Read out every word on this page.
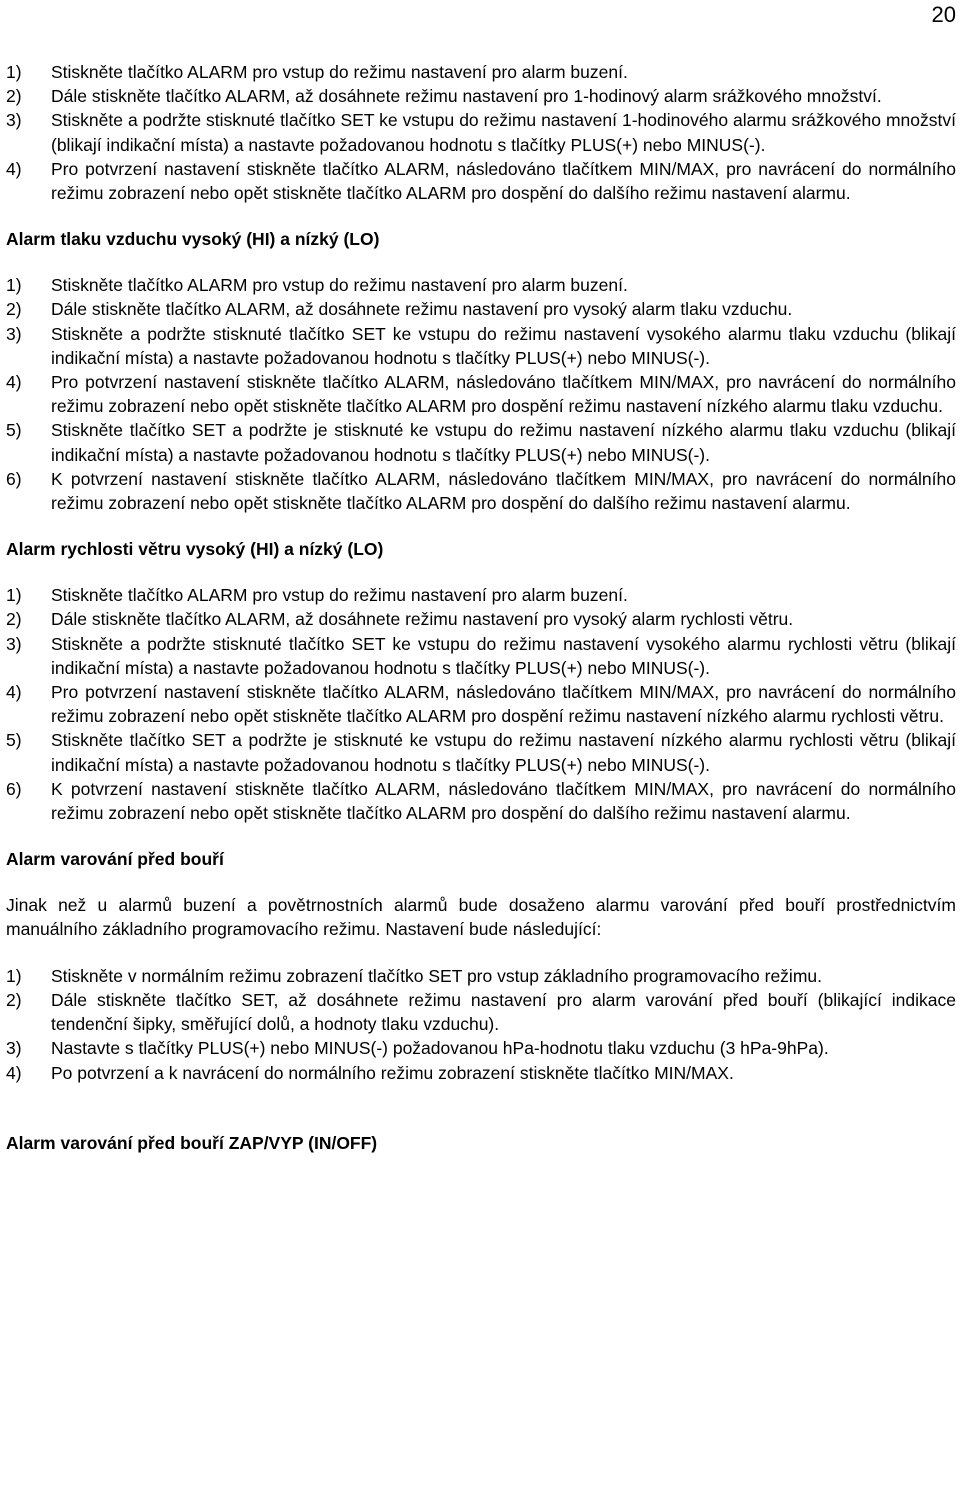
20
1) Stiskněte tlačítko ALARM pro vstup do režimu nastavení pro alarm buzení.
2) Dále stiskněte tlačítko ALARM, až dosáhnete režimu nastavení pro 1-hodinový alarm srážkového množství.
3) Stiskněte a podržte stisknuté tlačítko SET ke vstupu do režimu nastavení 1-hodinového alarmu srážkového množství (blikají indikační místa) a nastavte požadovanou hodnotu s tlačítky PLUS(+) nebo MINUS(-).
4) Pro potvrzení nastavení stiskněte tlačítko ALARM, následováno tlačítkem MIN/MAX, pro navrácení do normálního režimu zobrazení nebo opět stiskněte tlačítko ALARM pro dospění do dalšího režimu nastavení alarmu.
Alarm tlaku vzduchu vysoký (HI) a nízký (LO)
1) Stiskněte tlačítko ALARM pro vstup do režimu nastavení pro alarm buzení.
2) Dále stiskněte tlačítko ALARM, až dosáhnete režimu nastavení pro vysoký alarm tlaku vzduchu.
3) Stiskněte a podržte stisknuté tlačítko SET ke vstupu do režimu nastavení vysokého alarmu tlaku vzduchu (blikají indikační místa) a nastavte požadovanou hodnotu s tlačítky PLUS(+) nebo MINUS(-).
4) Pro potvrzení nastavení stiskněte tlačítko ALARM, následováno tlačítkem MIN/MAX, pro navrácení do normálního režimu zobrazení nebo opět stiskněte tlačítko ALARM pro dospění režimu nastavení nízkého alarmu tlaku vzduchu.
5) Stiskněte tlačítko SET a podržte je stisknuté ke vstupu do režimu nastavení nízkého alarmu tlaku vzduchu (blikají indikační místa) a nastavte požadovanou hodnotu s tlačítky PLUS(+) nebo MINUS(-).
6) K potvrzení nastavení stiskněte tlačítko ALARM, následováno tlačítkem MIN/MAX, pro navrácení do normálního režimu zobrazení nebo opět stiskněte tlačítko ALARM pro dospění do dalšího režimu nastavení alarmu.
Alarm rychlosti větru vysoký (HI) a nízký (LO)
1) Stiskněte tlačítko ALARM pro vstup do režimu nastavení pro alarm buzení.
2) Dále stiskněte tlačítko ALARM, až dosáhnete režimu nastavení pro vysoký alarm rychlosti větru.
3) Stiskněte a podržte stisknuté tlačítko SET ke vstupu do režimu nastavení vysokého alarmu rychlosti větru (blikají indikační místa) a nastavte požadovanou hodnotu s tlačítky PLUS(+) nebo MINUS(-).
4) Pro potvrzení nastavení stiskněte tlačítko ALARM, následováno tlačítkem MIN/MAX, pro navrácení do normálního režimu zobrazení nebo opět stiskněte tlačítko ALARM pro dospění režimu nastavení nízkého alarmu rychlosti větru.
5) Stiskněte tlačítko SET a podržte je stisknuté ke vstupu do režimu nastavení nízkého alarmu rychlosti větru (blikají indikační místa) a nastavte požadovanou hodnotu s tlačítky PLUS(+) nebo MINUS(-).
6) K potvrzení nastavení stiskněte tlačítko ALARM, následováno tlačítkem MIN/MAX, pro navrácení do normálního režimu zobrazení nebo opět stiskněte tlačítko ALARM pro dospění do dalšího režimu nastavení alarmu.
Alarm varování před bouří

Jinak než u alarmů buzení a povětrnostních alarmů bude dosaženo alarmu varování před bouří prostřednictvím manuálního základního programovacího režimu. Nastavení bude následující:

1) Stiskněte v normálním režimu zobrazení tlačítko SET pro vstup základního programovacího režimu.
2) Dále stiskněte tlačítko SET, až dosáhnete režimu nastavení pro alarm varování před bouří (blikající indikace tendenční šipky, směřující dolů, a hodnoty tlaku vzduchu).
3) Nastavte s tlačítky PLUS(+) nebo MINUS(-) požadovanou hPa-hodnotu tlaku vzduchu (3 hPa-9hPa).
4) Po potvrzení a k navrácení do normálního režimu zobrazení stiskněte tlačítko MIN/MAX.
Alarm varování před bouří ZAP/VYP (IN/OFF)
